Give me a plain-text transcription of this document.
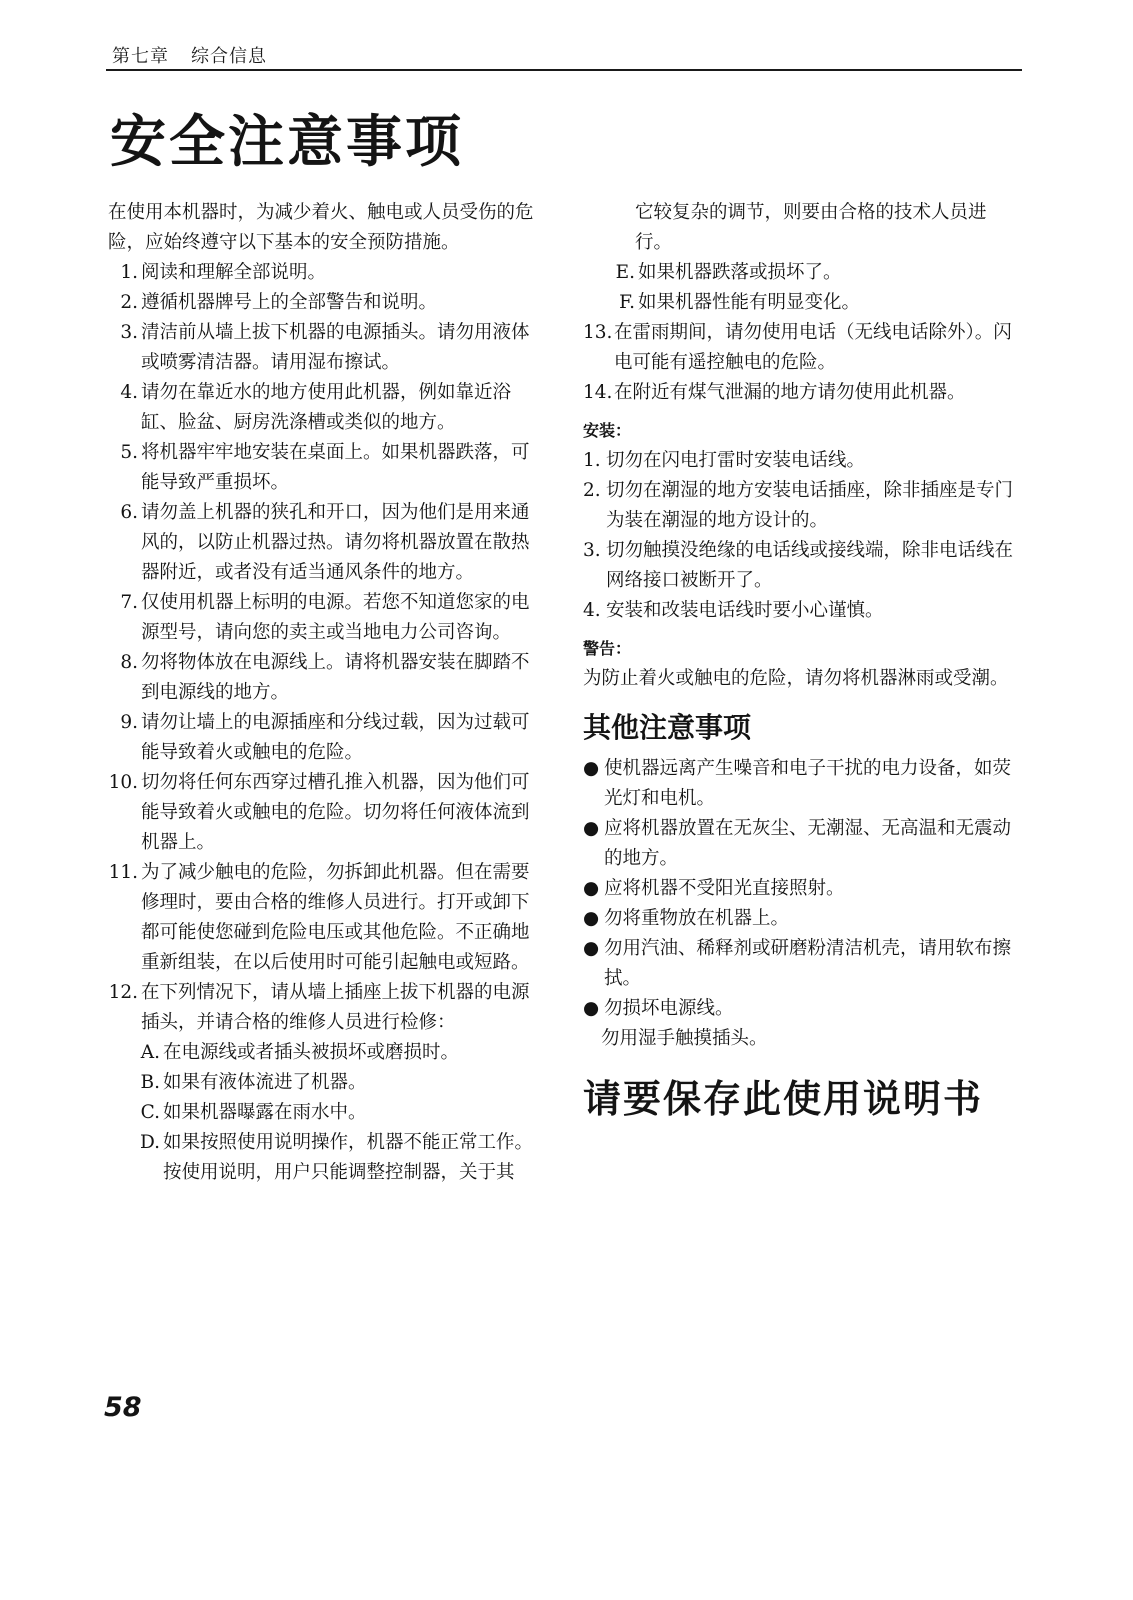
第七章 综合信息
安全注意事项

在使用本机器时，为减少着火、触电或人员受伤的危险，应始终遵守以下基本的安全预防措施。

1. 阅读和理解全部说明。
2. 遵循机器牌号上的全部警告和说明。
3. 清洁前从墙上拔下机器的电源插头。请勿用液体或喷雾清洁器。请用湿布擦试。
4. 请勿在靠近水的地方使用此机器，例如靠近浴缸、脸盆、厨房洗涤槽或类似的地方。
5. 将机器牢牢地安装在桌面上。如果机器跌落，可能导致严重损坏。
6. 请勿盖上机器的狭孔和开口，因为他们是用来通风的，以防止机器过热。请勿将机器放置在散热器附近，或者没有适当通风条件的地方。
7. 仅使用机器上标明的电源。若您不知道您家的电源型号，请向您的卖主或当地电力公司咨询。
8. 勿将物体放在电源线上。请将机器安装在脚踏不到电源线的地方。
9. 请勿让墙上的电源插座和分线过载，因为过载可能导致着火或触电的危险。
10. 切勿将任何东西穿过槽孔推入机器，因为他们可能导致着火或触电的危险。切勿将任何液体流到机器上。
11. 为了减少触电的危险，勿拆卸此机器。但在需要修理时，要由合格的维修人员进行。打开或卸下都可能使您碰到危险电压或其他危险。不正确地重新组装，在以后使用时可能引起触电或短路。
12. 在下列情况下，请从墙上插座上拔下机器的电源插头，并请合格的维修人员进行检修：
A. 在电源线或者插头被损坏或磨损时。
B. 如果有液体流进了机器。
C. 如果机器曝露在雨水中。
D. 如果按照使用说明操作，机器不能正常工作。按使用说明，用户只能调整控制器，关于其

它较复杂的调节，则要由合格的技术人员进行。

E. 如果机器跌落或损坏了。
F. 如果机器性能有明显变化。
13. 在雷雨期间，请勿使用电话（无线电话除外）。闪电可能有遥控触电的危险。
14. 在附近有煤气泄漏的地方请勿使用此机器。

安装：

1. 切勿在闪电打雷时安装电话线。
2. 切勿在潮湿的地方安装电话插座，除非插座是专门为装在潮湿的地方设计的。
3. 切勿触摸没绝缘的电话线或接线端，除非电话线在网络接口被断开了。
4. 安装和改装电话线时要小心谨慎。

警告：

为防止着火或触电的危险，请勿将机器淋雨或受潮。

其他注意事项

● 使机器远离产生噪音和电子干扰的电力设备，如荧光灯和电机。
● 应将机器放置在无灰尘、无潮湿、无高温和无震动的地方。
● 应将机器不受阳光直接照射。
● 勿将重物放在机器上。
● 勿用汽油、稀释剂或研磨粉清洁机壳，请用软布擦拭。
● 勿损坏电源线。

勿用湿手触摸插头。

请要保存此使用说明书

58
